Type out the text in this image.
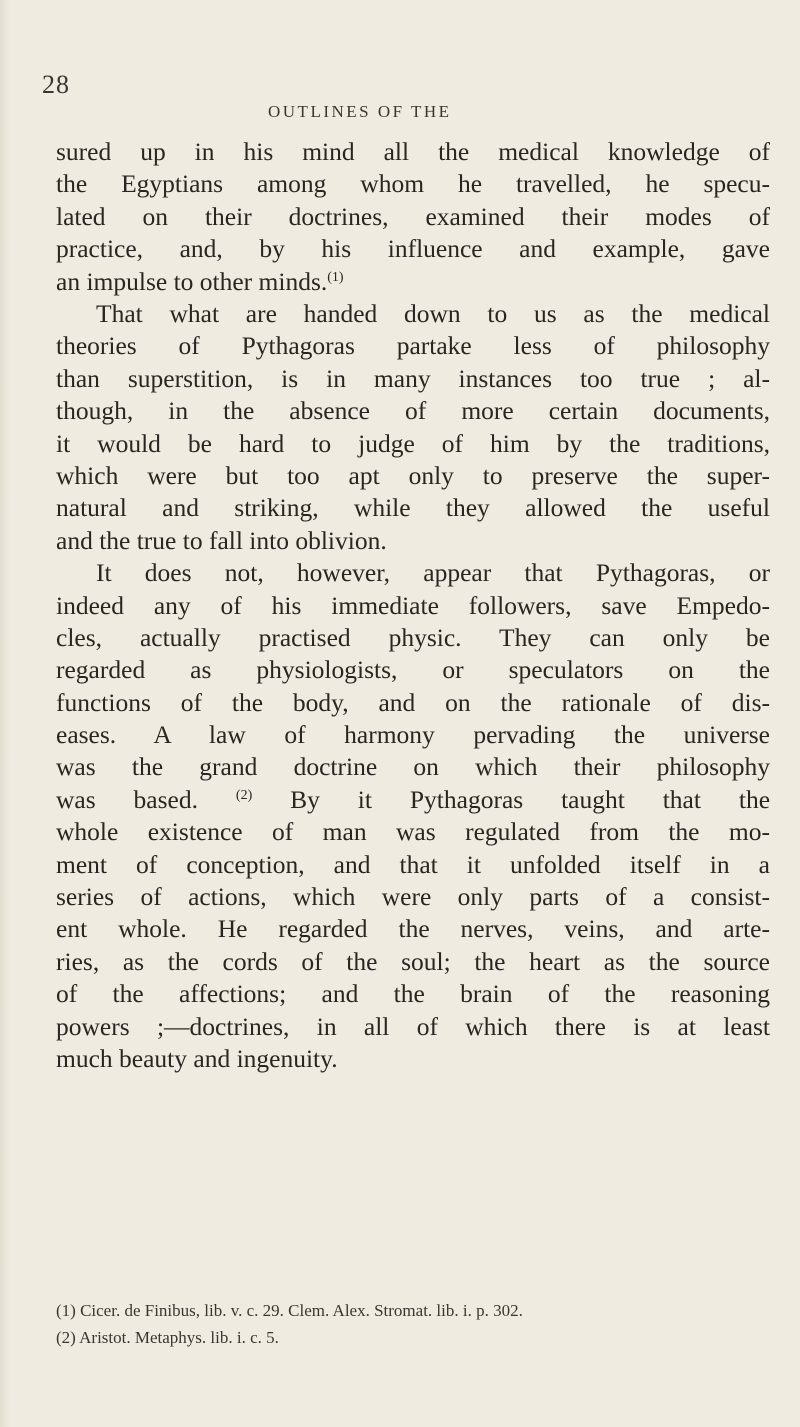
28
OUTLINES OF THE
sured up in his mind all the medical knowledge of
the Egyptians among whom he travelled, he specu-
lated on their doctrines, examined their modes of
practice, and, by his influence and example, gave
an impulse to other minds.$^{(1)}$
That what are handed down to us as the medical
theories of Pythagoras partake less of philosophy
than superstition, is in many instances too true ; al-
though, in the absence of more certain documents,
it would be hard to judge of him by the traditions,
which were but too apt only to preserve the super-
natural and striking, while they allowed the useful
and the true to fall into oblivion.
It does not, however, appear that Pythagoras, or
indeed any of his immediate followers, save Empedo-
cles, actually practised physic. They can only be
regarded as physiologists, or speculators on the
functions of the body, and on the rationale of dis-
eases. A law of harmony pervading the universe
was the grand doctrine on which their philosophy
was based.	$^{(2)}$ By it Pythagoras taught that the
whole existence of man was regulated from the mo-
ment of conception, and that it unfolded itself in a
series of actions, which were only parts of a consist-
ent whole. He regarded the nerves, veins, and arte-
ries, as the cords of the soul; the heart as the source
of the affections; and the brain of the reasoning
powers ;—doctrines, in all of which there is at least
much beauty and ingenuity.
(1) Cicer. de Finibus, lib. v. c. 29. Clem. Alex. Stromat. lib. i. p. 302.
(2) Aristot. Metaphys. lib. i. c. 5.
